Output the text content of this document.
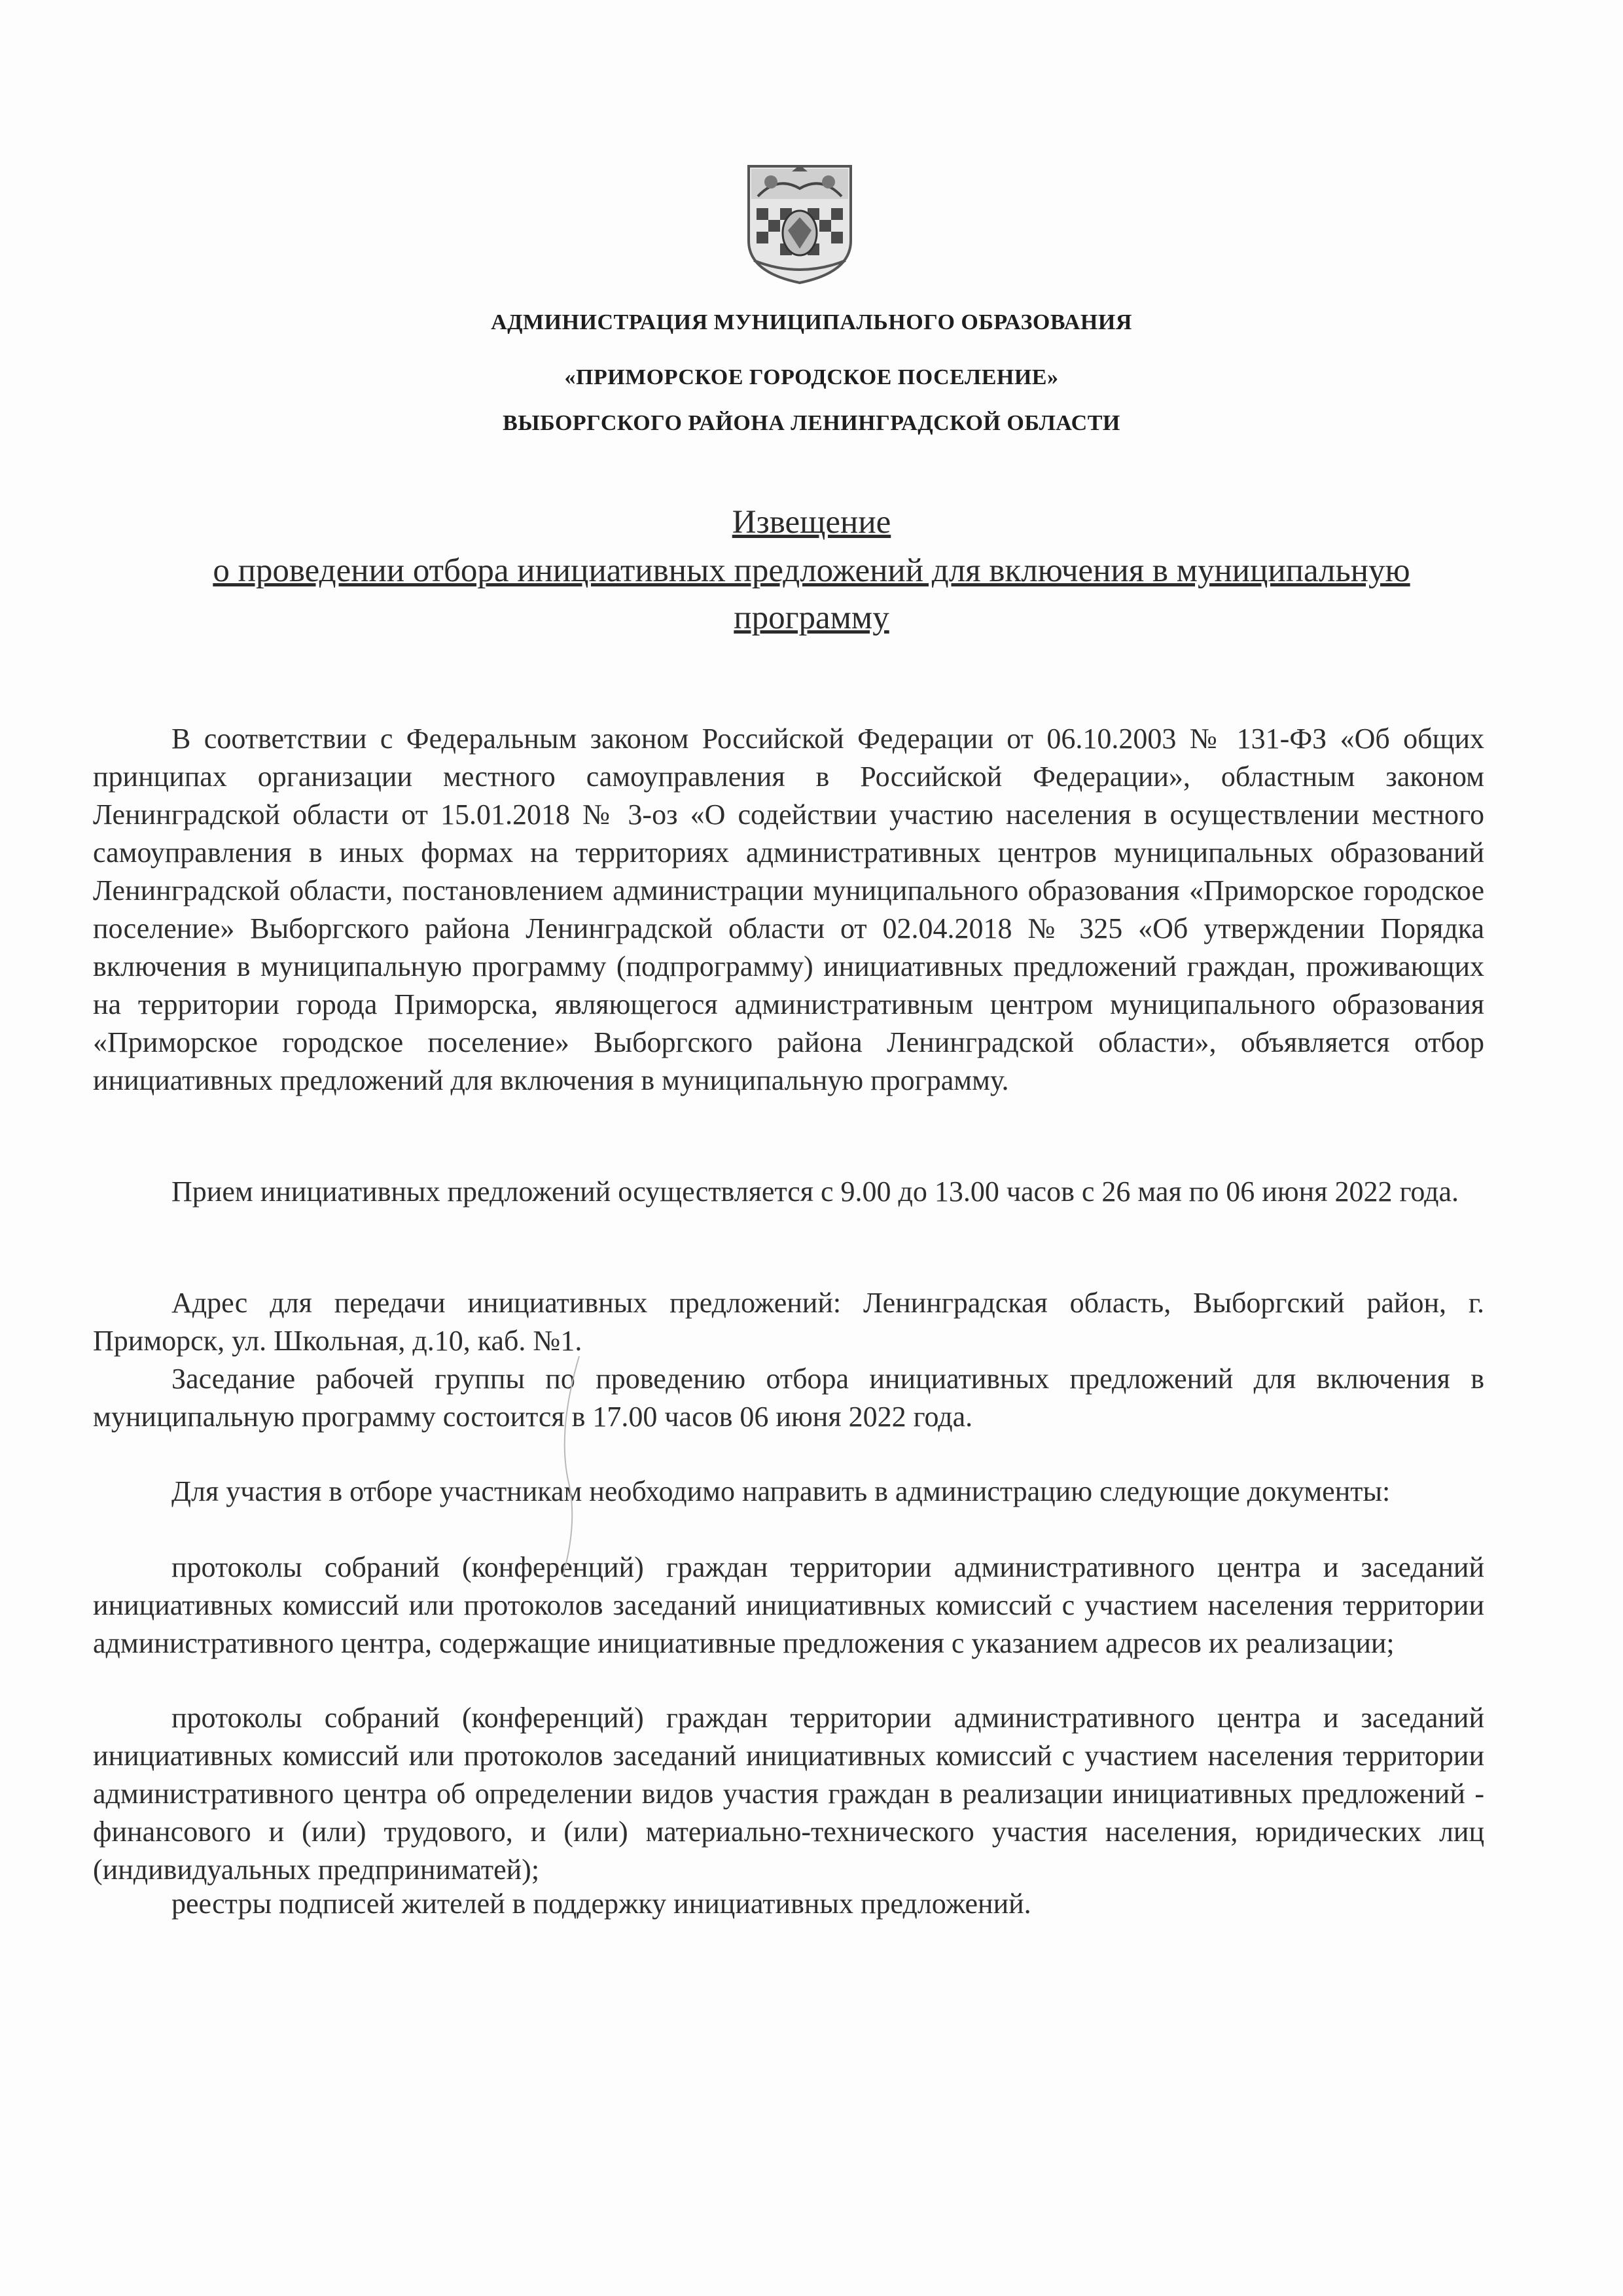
АДМИНИСТРАЦИЯ МУНИЦИПАЛЬНОГО ОБРАЗОВАНИЯ
«ПРИМОРСКОЕ ГОРОДСКОЕ ПОСЕЛЕНИЕ»
ВЫБОРГСКОГО РАЙОНА ЛЕНИНГРАДСКОЙ ОБЛАСТИ
Извещение
о проведении отбора инициативных предложений для включения в муниципальную
программу

В соответствии с Федеральным законом Российской Федерации от 06.10.2003 № 131-ФЗ «Об общих принципах организации местного самоуправления в Российской Федерации», областным законом Ленинградской области от 15.01.2018 № 3-оз «О содействии участию населения в осуществлении местного самоуправления в иных формах на территориях административных центров муниципальных образований Ленинградской области, постановлением администрации муниципального образования «Приморское городское поселение» Выборгского района Ленинградской области от 02.04.2018 № 325 «Об утверждении Порядка включения в муниципальную программу (подпрограмму) инициативных предложений граждан, проживающих на территории города Приморска, являющегося административным центром муниципального образования «Приморское городское поселение» Выборгского района Ленинградской области», объявляется отбор инициативных предложений для включения в муниципальную программу.

Прием инициативных предложений осуществляется с 9.00 до 13.00 часов с 26 мая по 06 июня 2022 года.

Адрес для передачи инициативных предложений: Ленинградская область, Выборгский район, г. Приморск, ул. Школьная, д.10, каб. №1.

Заседание рабочей группы по проведению отбора инициативных предложений для включения в муниципальную программу состоится в 17.00 часов 06 июня 2022 года.

Для участия в отборе участникам необходимо направить в администрацию следующие документы:

протоколы собраний (конференций) граждан территории административного центра и заседаний инициативных комиссий или протоколов заседаний инициативных комиссий с участием населения территории административного центра, содержащие инициативные предложения с указанием адресов их реализации;

протоколы собраний (конференций) граждан территории административного центра и заседаний инициативных комиссий или протоколов заседаний инициативных комиссий с участием населения территории административного центра об определении видов участия граждан в реализации инициативных предложений - финансового и (или) трудового, и (или) материально-технического участия населения, юридических лиц (индивидуальных предприниматей);

реестры подписей жителей в поддержку инициативных предложений.
